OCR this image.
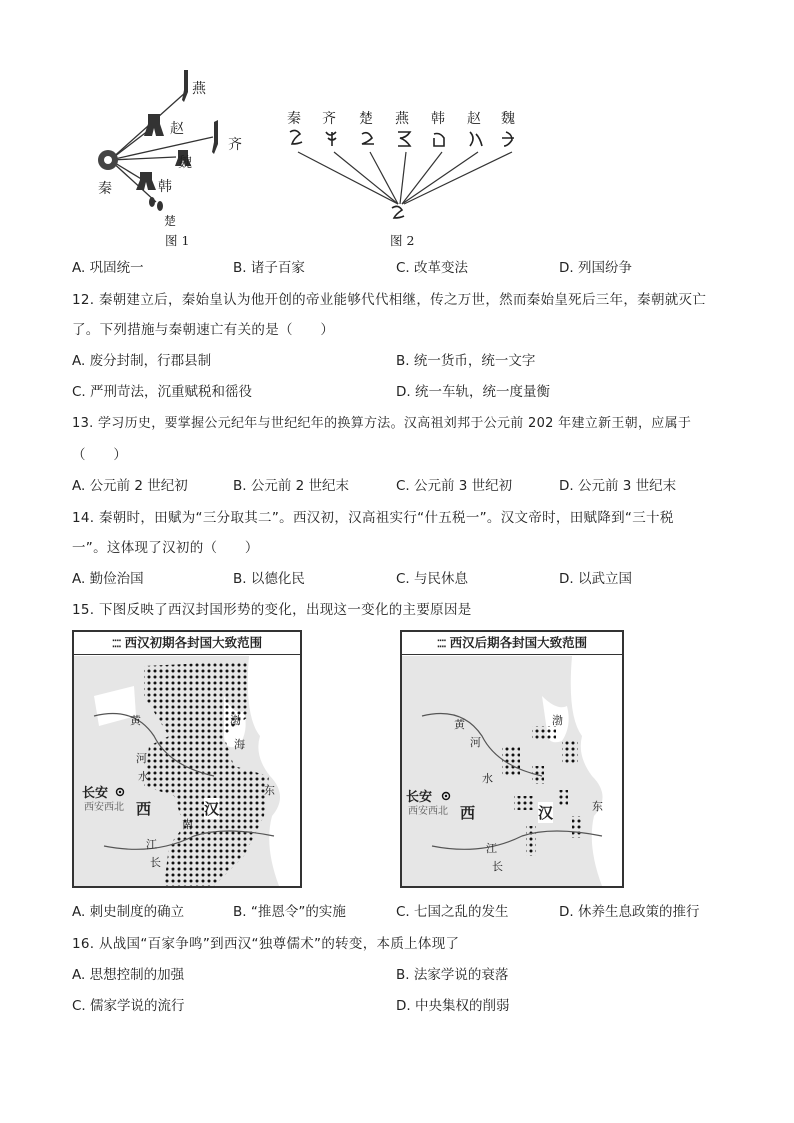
燕
赵
齐
魏
秦	韩
楚
图 1
秦 齐 楚 燕 韩 赵 魏
图 2
A. 巩固统一	B. 诸子百家	C. 改革变法	D. 列国纷争
12. 秦朝建立后，秦始皇认为他开创的帝业能够代代相继，传之万世，然而秦始皇死后三年，秦朝就灭亡
了。下列措施与秦朝速亡有关的是（　　）
A. 废分封制，行郡县制	B. 统一货币，统一文字
C. 严刑苛法，沉重赋税和徭役	D. 统一车轨，统一度量衡
13. 学习历史，要掌握公元纪年与世纪纪年的换算方法。汉高祖刘邦于公元前 202 年建立新王朝，应属于
（　　）
A. 公元前 2 世纪初	B. 公元前 2 世纪末	C. 公元前 3 世纪初	D. 公元前 3 世纪末
14. 秦朝时，田赋为“三分取其二”。西汉初，汉高祖实行“什五税一”。汉文帝时，田赋降到“三十税
一”。这体现了汉初的（　　）
A. 勤俭治国	B. 以德化民	C. 与民休息	D. 以武立国
15. 下图反映了西汉封国形势的变化，出现这一变化的主要原因是
⁚⁚⁚⁚ 西汉初期各封国大致范围
长安
西安西北 西	汉
黄
河
水
渤
海
东
江
长
南
⁚⁚⁚⁚ 西汉后期各封国大致范围
长安
西安西北 西	汉
黄
河
水
渤
东
江
长
A. 刺史制度的确立	B. “推恩令”的实施	C. 七国之乱的发生	D. 休养生息政策的推行
16. 从战国“百家争鸣”到西汉“独尊儒术”的转变，本质上体现了
A. 思想控制的加强	B. 法家学说的衰落
C. 儒家学说的流行	D. 中央集权的削弱
